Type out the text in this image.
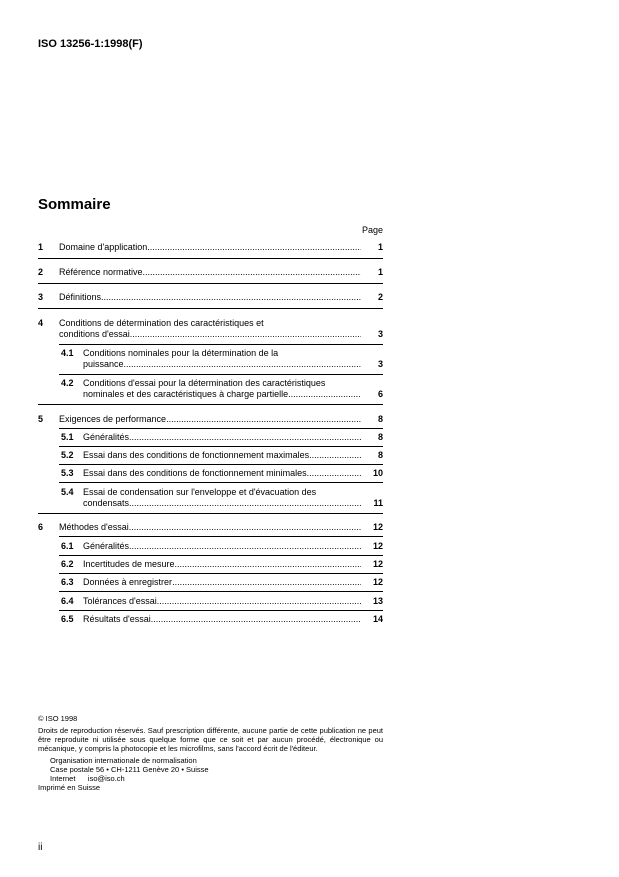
ISO 13256-1:1998(F)
Sommaire
Page
1 Domaine d'application .....	1
2 Référence normative .....	1
3 Définitions .....	2
4 Conditions de détermination des caractéristiques et
conditions d'essai .....	3
4.1 Conditions nominales pour la détermination de la
puissance .....	3
4.2 Conditions d'essai pour la détermination des caractéristiques
nominales et des caractéristiques à charge partielle .....	6
5 Exigences de performance .....	8
5.1 Généralités .....	8
5.2 Essai dans des conditions de fonctionnement maximales .....	8
5.3 Essai dans des conditions de fonctionnement minimales .....	10
5.4 Essai de condensation sur l'enveloppe et d'évacuation des
condensats .....	11
6 Méthodes d'essai .....	12
6.1 Généralités .....	12
6.2 Incertitudes de mesure .....	12
6.3 Données à enregistrer .....	12
6.4 Tolérances d'essai .....	13
6.5 Résultats d'essai .....	14
© ISO 1998
Droits de reproduction réservés. Sauf prescription différente, aucune partie de cette publication ne peut être reproduite ni utilisée sous quelque forme que ce soit et par aucun procédé, électronique ou mécanique, y compris la photocopie et les microfilms, sans l'accord écrit de l'éditeur.
Organisation internationale de normalisation
Case postale 56 • CH-1211 Genève 20 • Suisse
Internet      iso@iso.ch
Imprimé en Suisse
ii
